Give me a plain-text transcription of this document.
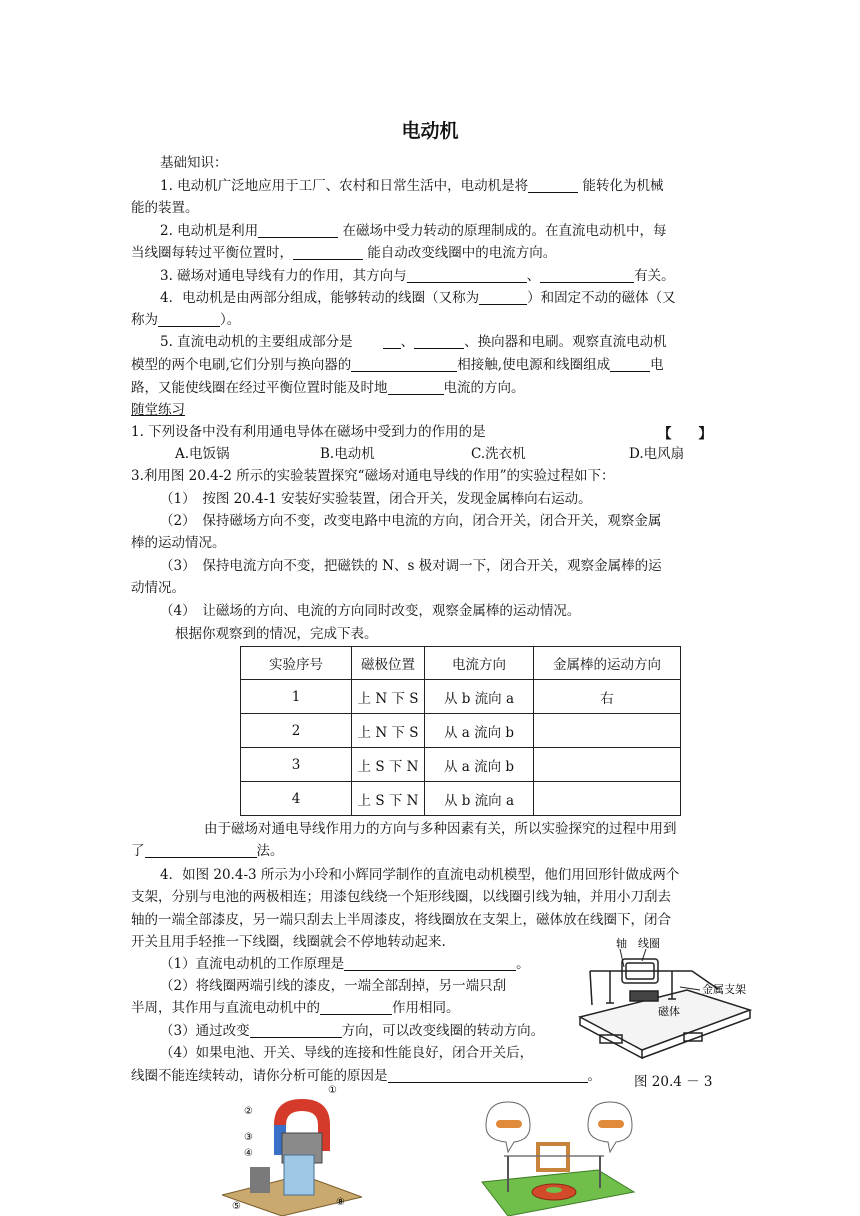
电动机
基础知识：
1. 电动机广泛地应用于工厂、农村和日常生活中，电动机是将	能转化为机械
能的装置。
2. 电动机是利用	在磁场中受力转动的原理制成的。在直流电动机中，每
当线圈每转过平衡位置时，	能自动改变线圈中的电流方向。
3. 磁场对通电导线有力的作用，其方向与	、	有关。
4．电动机是由两部分组成，能够转动的线圈（又称为	）和固定不动的磁体（又
称为	）。
5. 直流电动机的主要组成部分是	、	、换向器和电刷。观察直流电动机
模型的两个电刷,它们分别与换向器的	相接触,使电源和线圈组成	电
路，又能使线圈在经过平衡位置时能及时地	电流的方向。
随堂练习
1. 下列设备中没有利用通电导体在磁场中受到力的作用的是	【　　】
A.电饭锅	B.电动机	C.洗衣机	D.电风扇
3.利用图 20.4-2 所示的实验装置探究“磁场对通电导线的作用”的实验过程如下：
（1）　按图 20.4-1 安装好实验装置，闭合开关，发现金属棒向右运动。
（2）　保持磁场方向不变，改变电路中电流的方向，闭合开关，闭合开关，观察金属
棒的运动情况。
（3）　保持电流方向不变，把磁铁的 N、s 极对调一下，闭合开关，观察金属棒的运
动情况。
（4）　让磁场的方向、电流的方向同时改变，观察金属棒的运动情况。
根据你观察到的情况，完成下表。
实验序号	磁极位置	电流方向	金属棒的运动方向
1	上 N 下 S	从 b 流向 a	右
2	上 N 下 S	从 a 流向 b	
3	上 S 下 N	从 a 流向 b	
4	上 S 下 N	从 b 流向 a	
由于磁场对通电导线作用力的方向与多种因素有关，所以实验探究的过程中用到
了	法。
4．如图 20.4-3 所示为小玲和小辉同学制作的直流电动机模型，他们用回形针做成两个
支架，分别与电池的两极相连；用漆包线绕一个矩形线圈，以线圈引线为轴，并用小刀刮去
轴的一端全部漆皮，另一端只刮去上半周漆皮，将线圈放在支架上，磁体放在线圈下，闭合
开关且用手轻推一下线圈，线圈就会不停地转动起来.
（1）直流电动机的工作原理是	。
（2）将线圈两端引线的漆皮，一端全部刮掉，另一端只刮
半周，其作用与直流电动机中的	作用相同。
（3）通过改变	方向，可以改变线圈的转动方向。
（4）如果电池、开关、导线的连接和性能良好，闭合开关后，
线圈不能连续转动，请你分析可能的原因是	。 图 20.4 － 3
轴 线圈
金属支架
磁体
①
②
③
④
⑤	⑧
